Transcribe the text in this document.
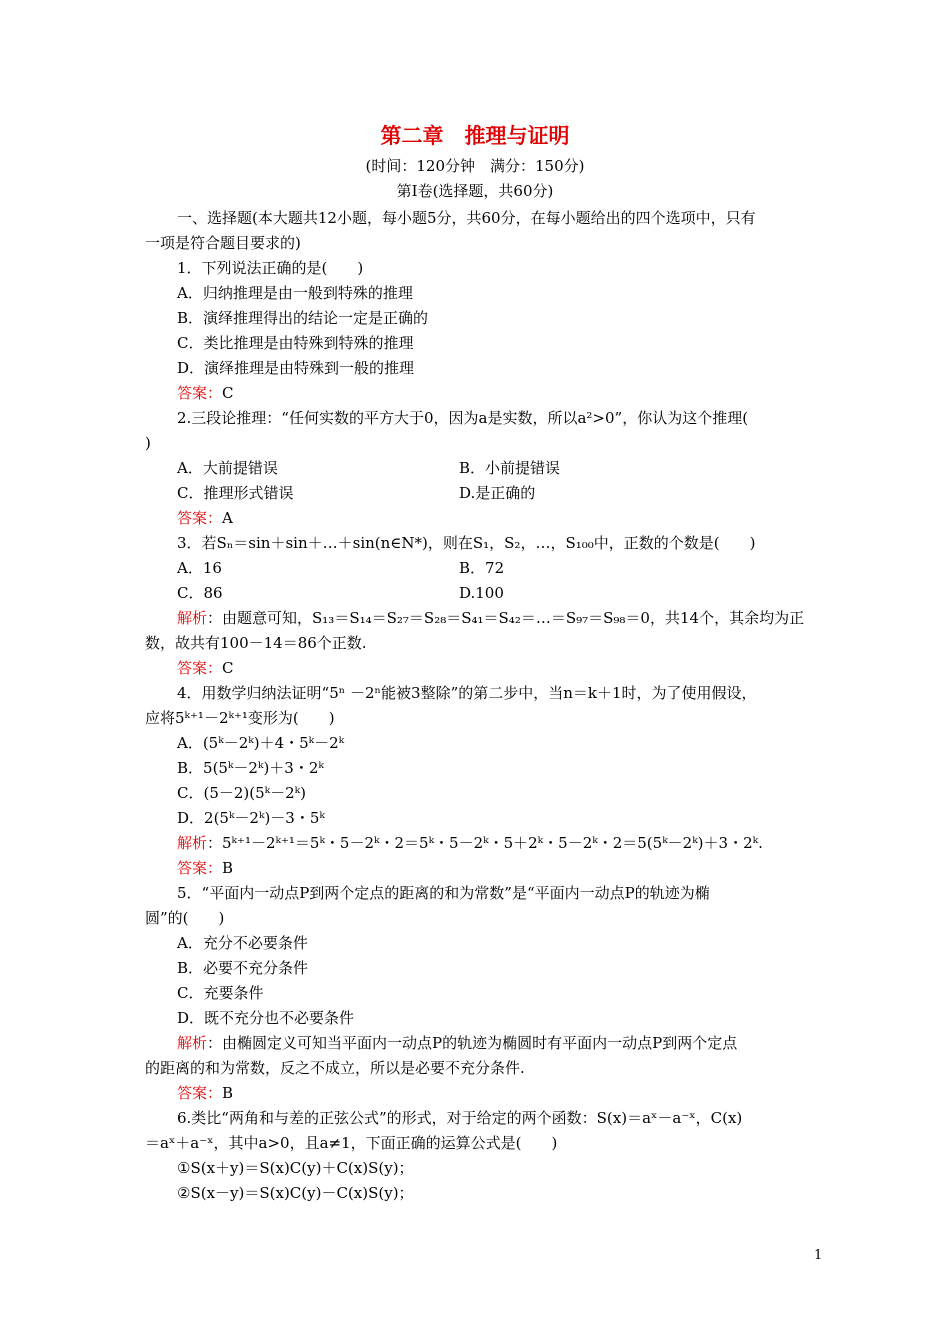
第二章　推理与证明
(时间：120分钟　满分：150分)
第Ⅰ卷(选择题，共60分)
一、选择题(本大题共12小题，每小题5分，共60分，在每小题给出的四个选项中，只有
一项是符合题目要求的)
1．下列说法正确的是(　　)
A．归纳推理是由一般到特殊的推理
B．演绎推理得出的结论一定是正确的
C．类比推理是由特殊到特殊的推理
D．演绎推理是由特殊到一般的推理
答案：C
2.三段论推理：“任何实数的平方大于0，因为a是实数，所以a²>0”，你认为这个推理(
)
A．大前提错误	B．小前提错误
C．推理形式错误	D.是正确的
答案：A
3．若Sₙ＝sin＋sin＋…＋sin(n∈N*)，则在S₁，S₂，…，S₁₀₀中，正数的个数是(　　)
A．16	B．72
C．86	D.100
解析：由题意可知，S₁₃＝S₁₄＝S₂₇＝S₂₈＝S₄₁＝S₄₂＝…＝S₉₇＝S₉₈＝0，共14个，其余均为正
数，故共有100－14＝86个正数.
答案：C
4．用数学归纳法证明“5ⁿ －2ⁿ能被3整除”的第二步中，当n＝k＋1时，为了使用假设，
应将5ᵏ⁺¹－2ᵏ⁺¹变形为(　　)
A．(5ᵏ－2ᵏ)＋4・5ᵏ－2ᵏ
B．5(5ᵏ－2ᵏ)＋3・2ᵏ
C．(5－2)(5ᵏ－2ᵏ)
D．2(5ᵏ－2ᵏ)－3・5ᵏ
解析：5ᵏ⁺¹－2ᵏ⁺¹＝5ᵏ・5－2ᵏ・2＝5ᵏ・5－2ᵏ・5＋2ᵏ・5－2ᵏ・2＝5(5ᵏ－2ᵏ)＋3・2ᵏ.
答案：B
5．“平面内一动点P到两个定点的距离的和为常数”是“平面内一动点P的轨迹为椭
圆”的(　　)
A．充分不必要条件
B．必要不充分条件
C．充要条件
D．既不充分也不必要条件
解析：由椭圆定义可知当平面内一动点P的轨迹为椭圆时有平面内一动点P到两个定点
的距离的和为常数，反之不成立，所以是必要不充分条件.
答案：B
6.类比“两角和与差的正弦公式”的形式，对于给定的两个函数：S(x)＝aˣ－a⁻ˣ，C(x)
＝aˣ＋a⁻ˣ，其中a>0，且a≠1，下面正确的运算公式是(　　)
①S(x＋y)＝S(x)C(y)＋C(x)S(y)；
②S(x－y)＝S(x)C(y)－C(x)S(y)；
1
